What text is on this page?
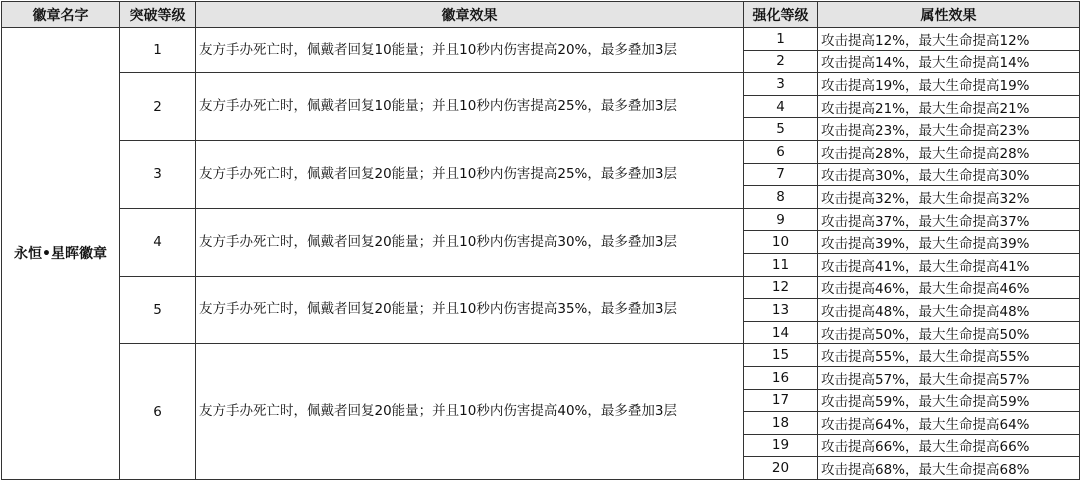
徽章名字	突破等级	徽章效果	强化等级	属性效果
永恒•星晖徽章	1	友方手办死亡时，佩戴者回复10能量；并且10秒内伤害提高20%，最多叠加3层	1	攻击提高12%，最大生命提高12%
			2	攻击提高14%，最大生命提高14%
	2	友方手办死亡时，佩戴者回复10能量；并且10秒内伤害提高25%，最多叠加3层	3	攻击提高19%，最大生命提高19%
			4	攻击提高21%，最大生命提高21%
			5	攻击提高23%，最大生命提高23%
	3	友方手办死亡时，佩戴者回复20能量；并且10秒内伤害提高25%，最多叠加3层	6	攻击提高28%，最大生命提高28%
			7	攻击提高30%，最大生命提高30%
			8	攻击提高32%，最大生命提高32%
	4	友方手办死亡时，佩戴者回复20能量；并且10秒内伤害提高30%，最多叠加3层	9	攻击提高37%，最大生命提高37%
			10	攻击提高39%，最大生命提高39%
			11	攻击提高41%，最大生命提高41%
	5	友方手办死亡时，佩戴者回复20能量；并且10秒内伤害提高35%，最多叠加3层	12	攻击提高46%，最大生命提高46%
			13	攻击提高48%，最大生命提高48%
			14	攻击提高50%，最大生命提高50%
	6	友方手办死亡时，佩戴者回复20能量；并且10秒内伤害提高40%，最多叠加3层	15	攻击提高55%，最大生命提高55%
			16	攻击提高57%，最大生命提高57%
			17	攻击提高59%，最大生命提高59%
			18	攻击提高64%，最大生命提高64%
			19	攻击提高66%，最大生命提高66%
			20	攻击提高68%，最大生命提高68%
